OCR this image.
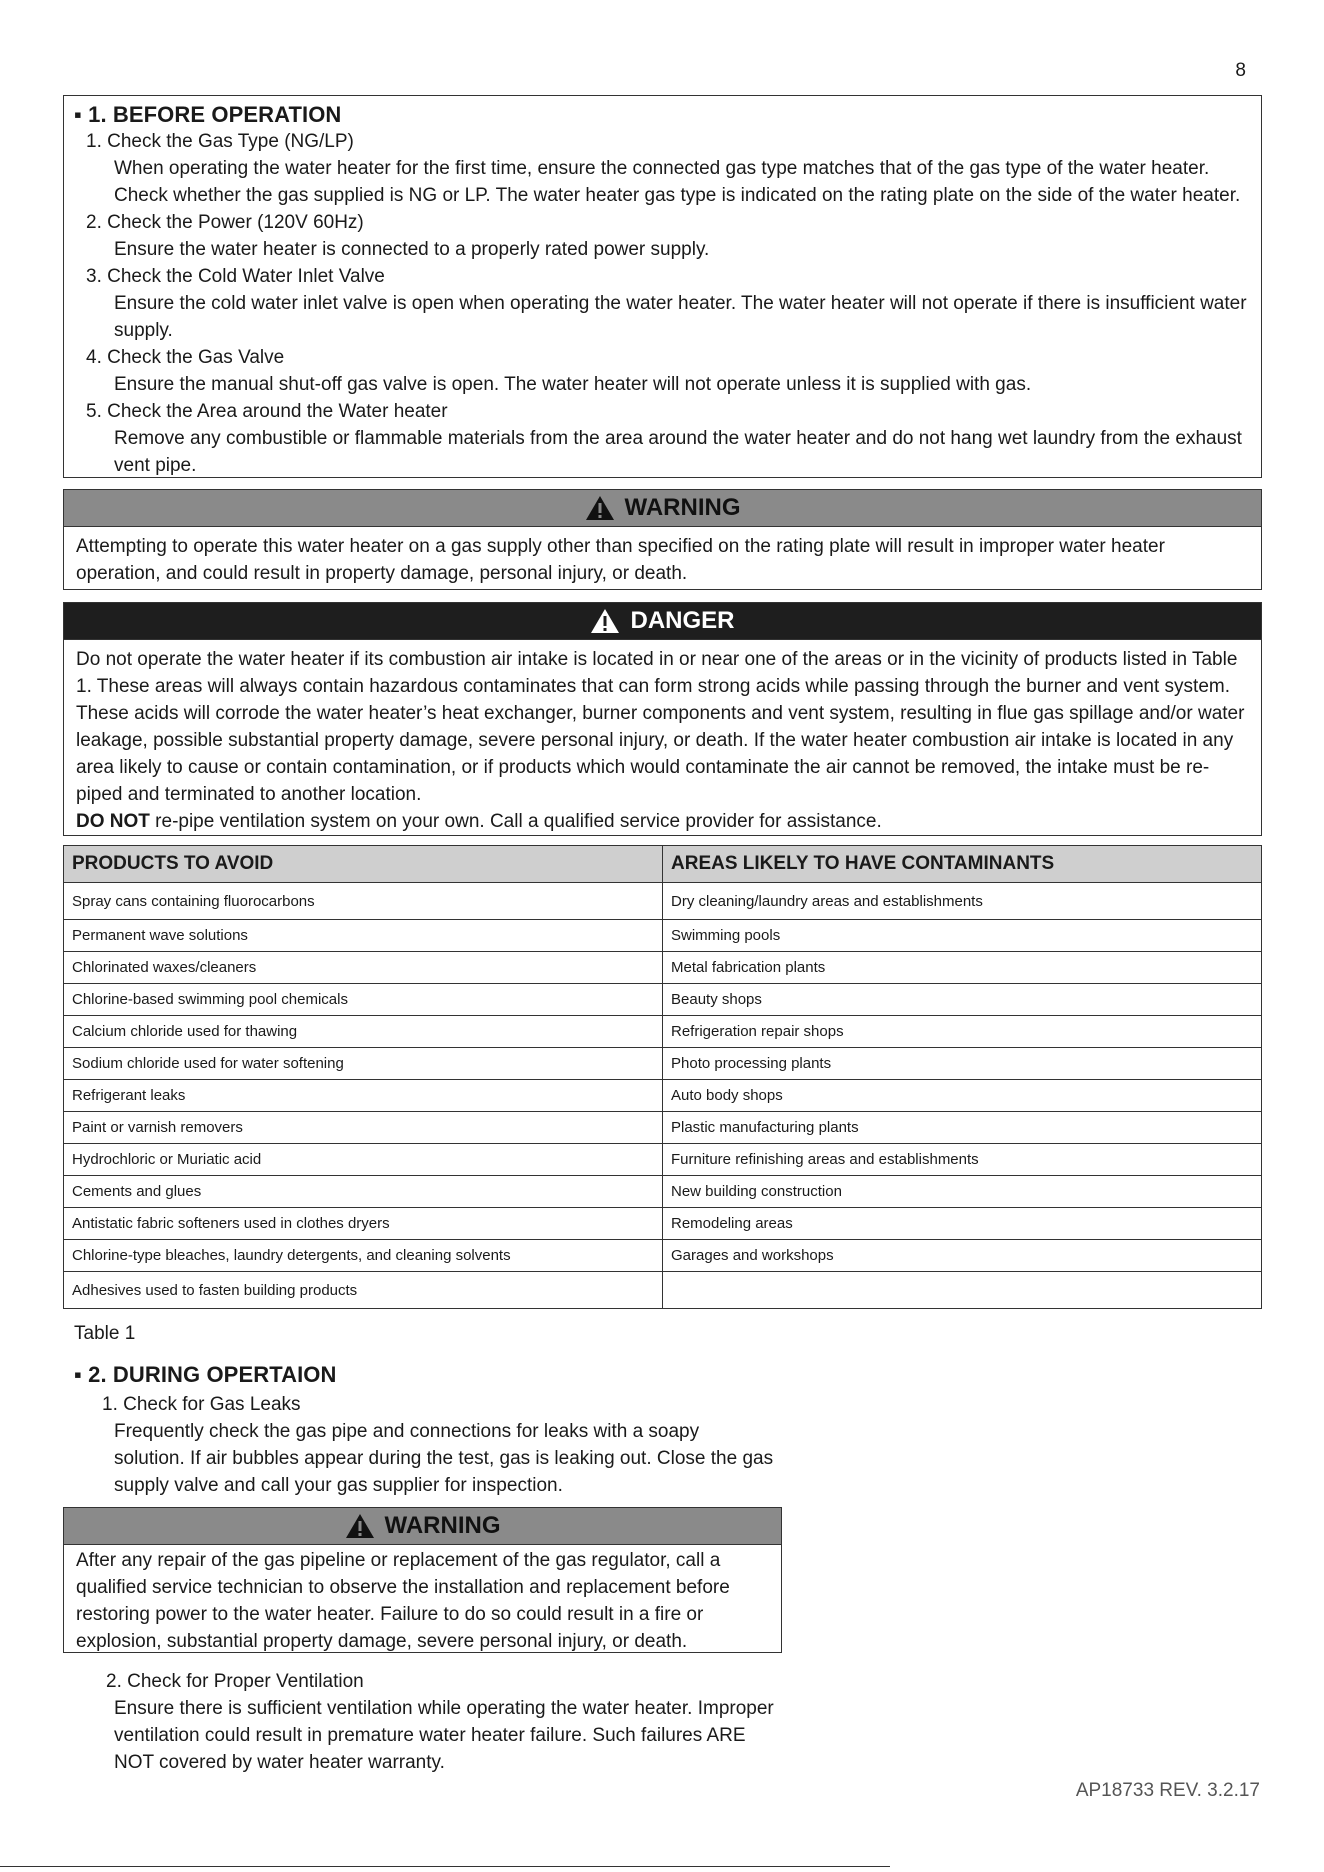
8
▪ 1. BEFORE OPERATION
1. Check the Gas Type (NG/LP)
When operating the water heater for the first time, ensure the connected gas type matches that of the gas type of the water heater. Check whether the gas supplied is NG or LP. The water heater gas type is indicated on the rating plate on the side of the water heater.
2. Check the Power (120V 60Hz)
Ensure the water heater is connected to a properly rated power supply.
3. Check the Cold Water Inlet Valve
Ensure the cold water inlet valve is open when operating the water heater. The water heater will not operate if there is insufficient water supply.
4. Check the Gas Valve
Ensure the manual shut-off gas valve is open. The water heater will not operate unless it is supplied with gas.
5. Check the Area around the Water heater
Remove any combustible or flammable materials from the area around the water heater and do not hang wet laundry from the exhaust vent pipe.
WARNING
Attempting to operate this water heater on a gas supply other than specified on the rating plate will result in improper water heater operation, and could result in property damage, personal injury, or death.
DANGER
Do not operate the water heater if its combustion air intake is located in or near one of the areas or in the vicinity of products listed in Table 1. These areas will always contain hazardous contaminates that can form strong acids while passing through the burner and vent system. These acids will corrode the water heater’s heat exchanger, burner components and vent system, resulting in flue gas spillage and/or water leakage, possible substantial property damage, severe personal injury, or death. If the water heater combustion air intake is located in any area likely to cause or contain contamination, or if products which would contaminate the air cannot be removed, the intake must be re-piped and terminated to another location.
DO NOT re-pipe ventilation system on your own. Call a qualified service provider for assistance.
PRODUCTS TO AVOID	AREAS LIKELY TO HAVE CONTAMINANTS
Spray cans containing fluorocarbons	Dry cleaning/laundry areas and establishments
Permanent wave solutions	Swimming pools
Chlorinated waxes/cleaners	Metal fabrication plants
Chlorine-based swimming pool chemicals	Beauty shops
Calcium chloride used for thawing	Refrigeration repair shops
Sodium chloride used for water softening	Photo processing plants
Refrigerant leaks	Auto body shops
Paint or varnish removers	Plastic manufacturing plants
Hydrochloric or Muriatic acid	Furniture refinishing areas and establishments
Cements and glues	New building construction
Antistatic fabric softeners used in clothes dryers	Remodeling areas
Chlorine-type bleaches, laundry detergents, and cleaning solvents	Garages and workshops
Adhesives used to fasten building products	
Table 1
▪ 2. DURING OPERTAION
1. Check for Gas Leaks
Frequently check the gas pipe and connections for leaks with a soapy solution. If air bubbles appear during the test, gas is leaking out. Close the gas supply valve and call your gas supplier for inspection.
WARNING
After any repair of the gas pipeline or replacement of the gas regulator, call a qualified service technician to observe the installation and replacement before restoring power to the water heater. Failure to do so could result in a fire or explosion, substantial property damage, severe personal injury, or death.
2. Check for Proper Ventilation
Ensure there is sufficient ventilation while operating the water heater. Improper ventilation could result in premature water heater failure. Such failures ARE NOT covered by water heater warranty.
AP18733 REV. 3.2.17
